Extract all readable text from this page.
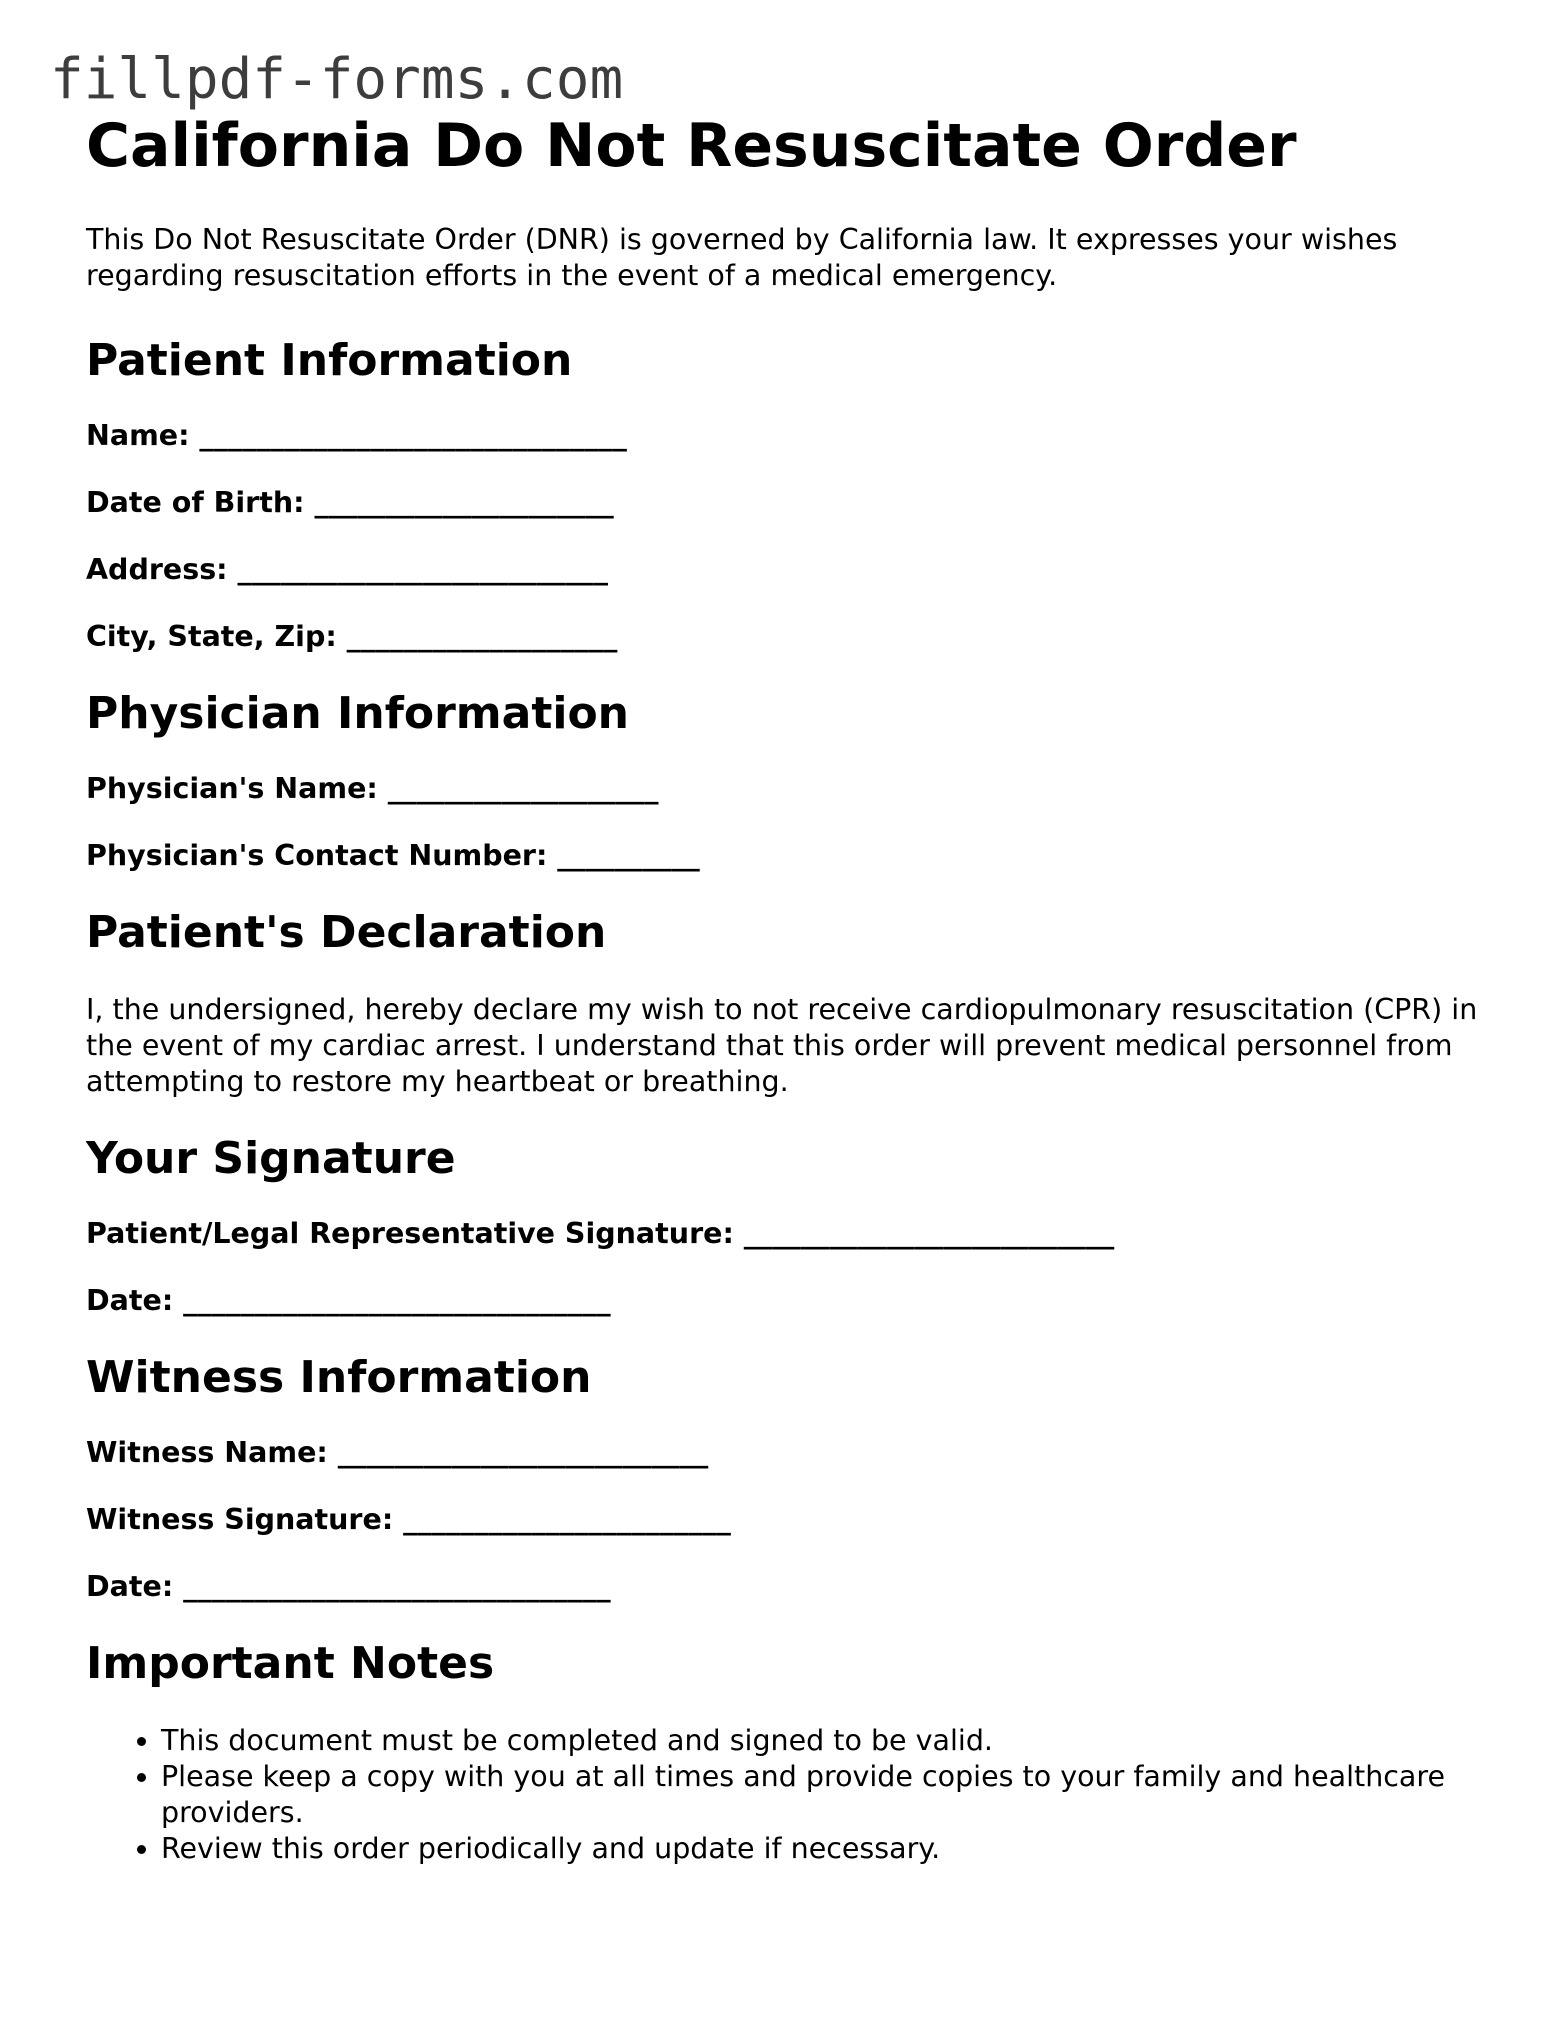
fillpdf-forms.com
California Do Not Resuscitate Order
This Do Not Resuscitate Order (DNR) is governed by California law. It expresses your wishes regarding resuscitation efforts in the event of a medical emergency.
Patient Information
Name: ______________________________
Date of Birth: _____________________
Address: __________________________
City, State, Zip: ___________________
Physician Information
Physician's Name: ___________________
Physician's Contact Number: __________
Patient's Declaration
I, the undersigned, hereby declare my wish to not receive cardiopulmonary resuscitation (CPR) in the event of my cardiac arrest. I understand that this order will prevent medical personnel from attempting to restore my heartbeat or breathing.
Your Signature
Patient/Legal Representative Signature: __________________________
Date: ______________________________
Witness Information
Witness Name: __________________________
Witness Signature: _______________________
Date: ______________________________
Important Notes
• This document must be completed and signed to be valid.
• Please keep a copy with you at all times and provide copies to your family and healthcare providers.
• Review this order periodically and update if necessary.
